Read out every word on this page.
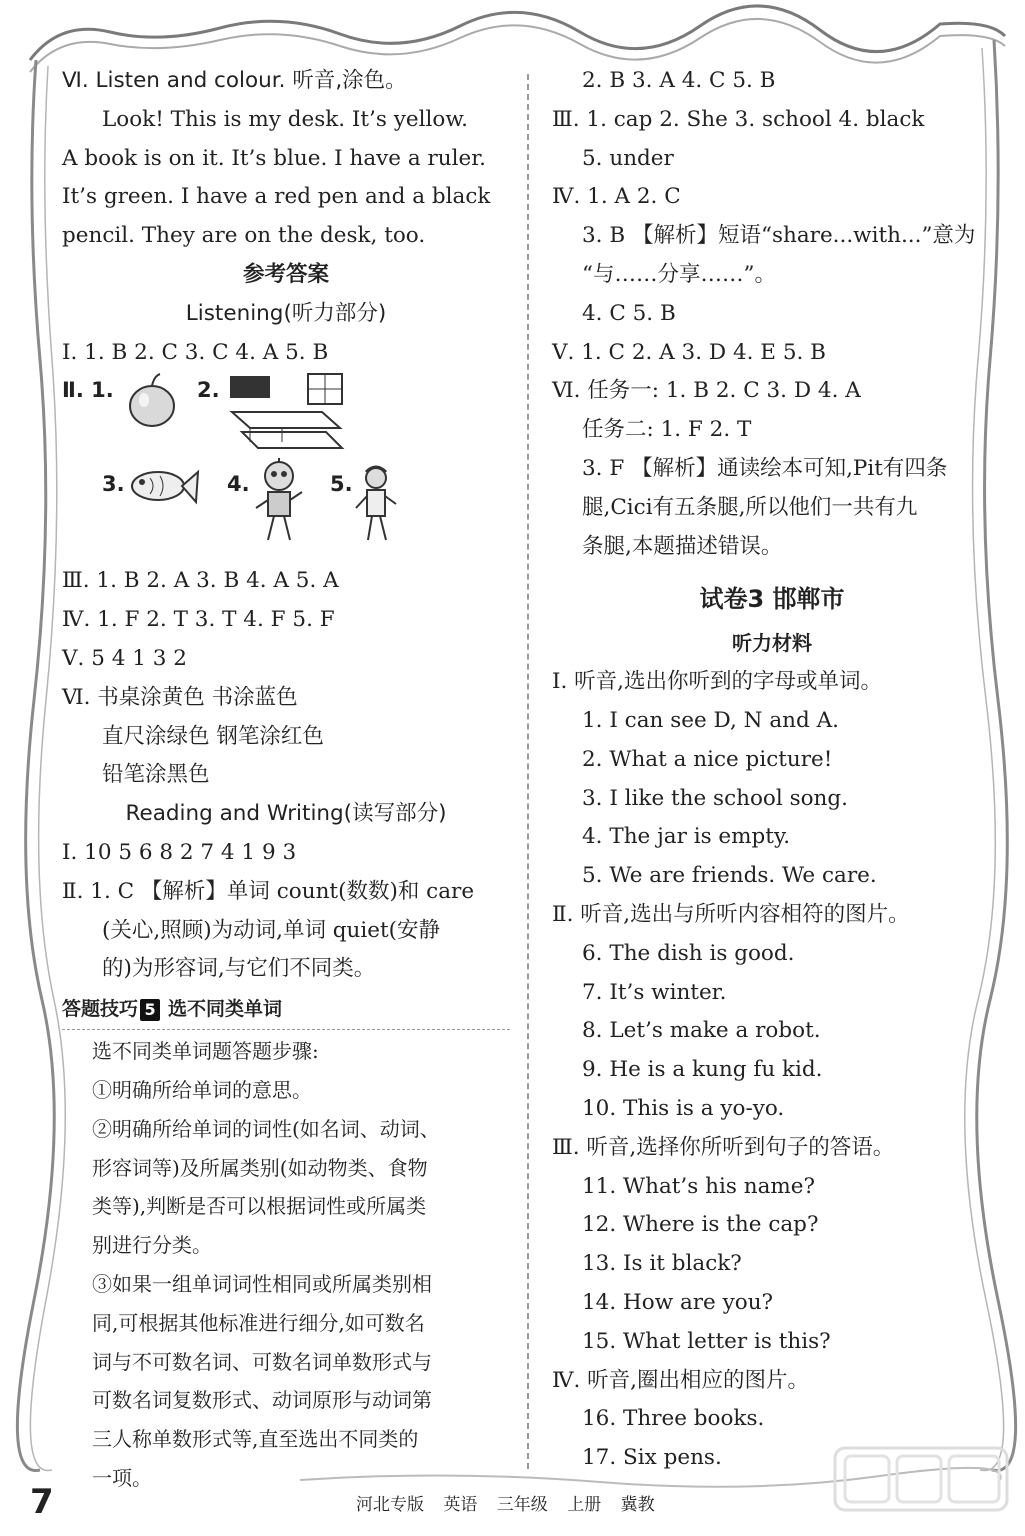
Ⅵ. Listen and colour. 听音,涂色。
Look! This is my desk. It’s yellow.
A book is on it. It’s blue. I have a ruler.
It’s green. I have a red pen and a black
pencil. They are on the desk, too.
参考答案
Listening(听力部分)
Ⅰ. 1. B 2. C 3. C 4. A 5. B
Ⅱ. 1.	2.
3.	4.	5.
Ⅲ. 1. B 2. A 3. B 4. A 5. A
Ⅳ. 1. F 2. T 3. T 4. F 5. F
Ⅴ. 5 4 1 3 2
Ⅵ. 书桌涂黄色 书涂蓝色
直尺涂绿色 钢笔涂红色
铅笔涂黑色
Reading and Writing(读写部分)
Ⅰ. 10 5 6 8 2 7 4 1 9 3
Ⅱ. 1. C 【解析】单词 count(数数)和 care
(关心,照顾)为动词,单词 quiet(安静
的)为形容词,与它们不同类。
答题技巧 5 选不同类单词
选不同类单词题答题步骤:
①明确所给单词的意思。
②明确所给单词的词性(如名词、动词、
形容词等)及所属类别(如动物类、食物
类等),判断是否可以根据词性或所属类
别进行分类。
③如果一组单词词性相同或所属类别相
同,可根据其他标准进行细分,如可数名
词与不可数名词、可数名词单数形式与
可数名词复数形式、动词原形与动词第
三人称单数形式等,直至选出不同类的
一项。
2. B 3. A 4. C 5. B
Ⅲ. 1. cap 2. She 3. school 4. black
5. under
Ⅳ. 1. A 2. C
3. B 【解析】短语“share...with...”意为
“与……分享……”。
4. C 5. B
Ⅴ. 1. C 2. A 3. D 4. E 5. B
Ⅵ. 任务一: 1. B 2. C 3. D 4. A
任务二: 1. F 2. T
3. F 【解析】通读绘本可知,Pit有四条
腿,Cici有五条腿,所以他们一共有九
条腿,本题描述错误。
试卷3 邯郸市
听力材料
Ⅰ. 听音,选出你听到的字母或单词。
1. I can see D, N and A.
2. What a nice picture!
3. I like the school song.
4. The jar is empty.
5. We are friends. We care.
Ⅱ. 听音,选出与所听内容相符的图片。
6. The dish is good.
7. It’s winter.
8. Let’s make a robot.
9. He is a kung fu kid.
10. This is a yo-yo.
Ⅲ. 听音,选择你所听到句子的答语。
11. What’s his name?
12. Where is the cap?
13. Is it black?
14. How are you?
15. What letter is this?
Ⅳ. 听音,圈出相应的图片。
16. Three books.
17. Six pens.
7	河北专版 英语 三年级 上册 冀教
